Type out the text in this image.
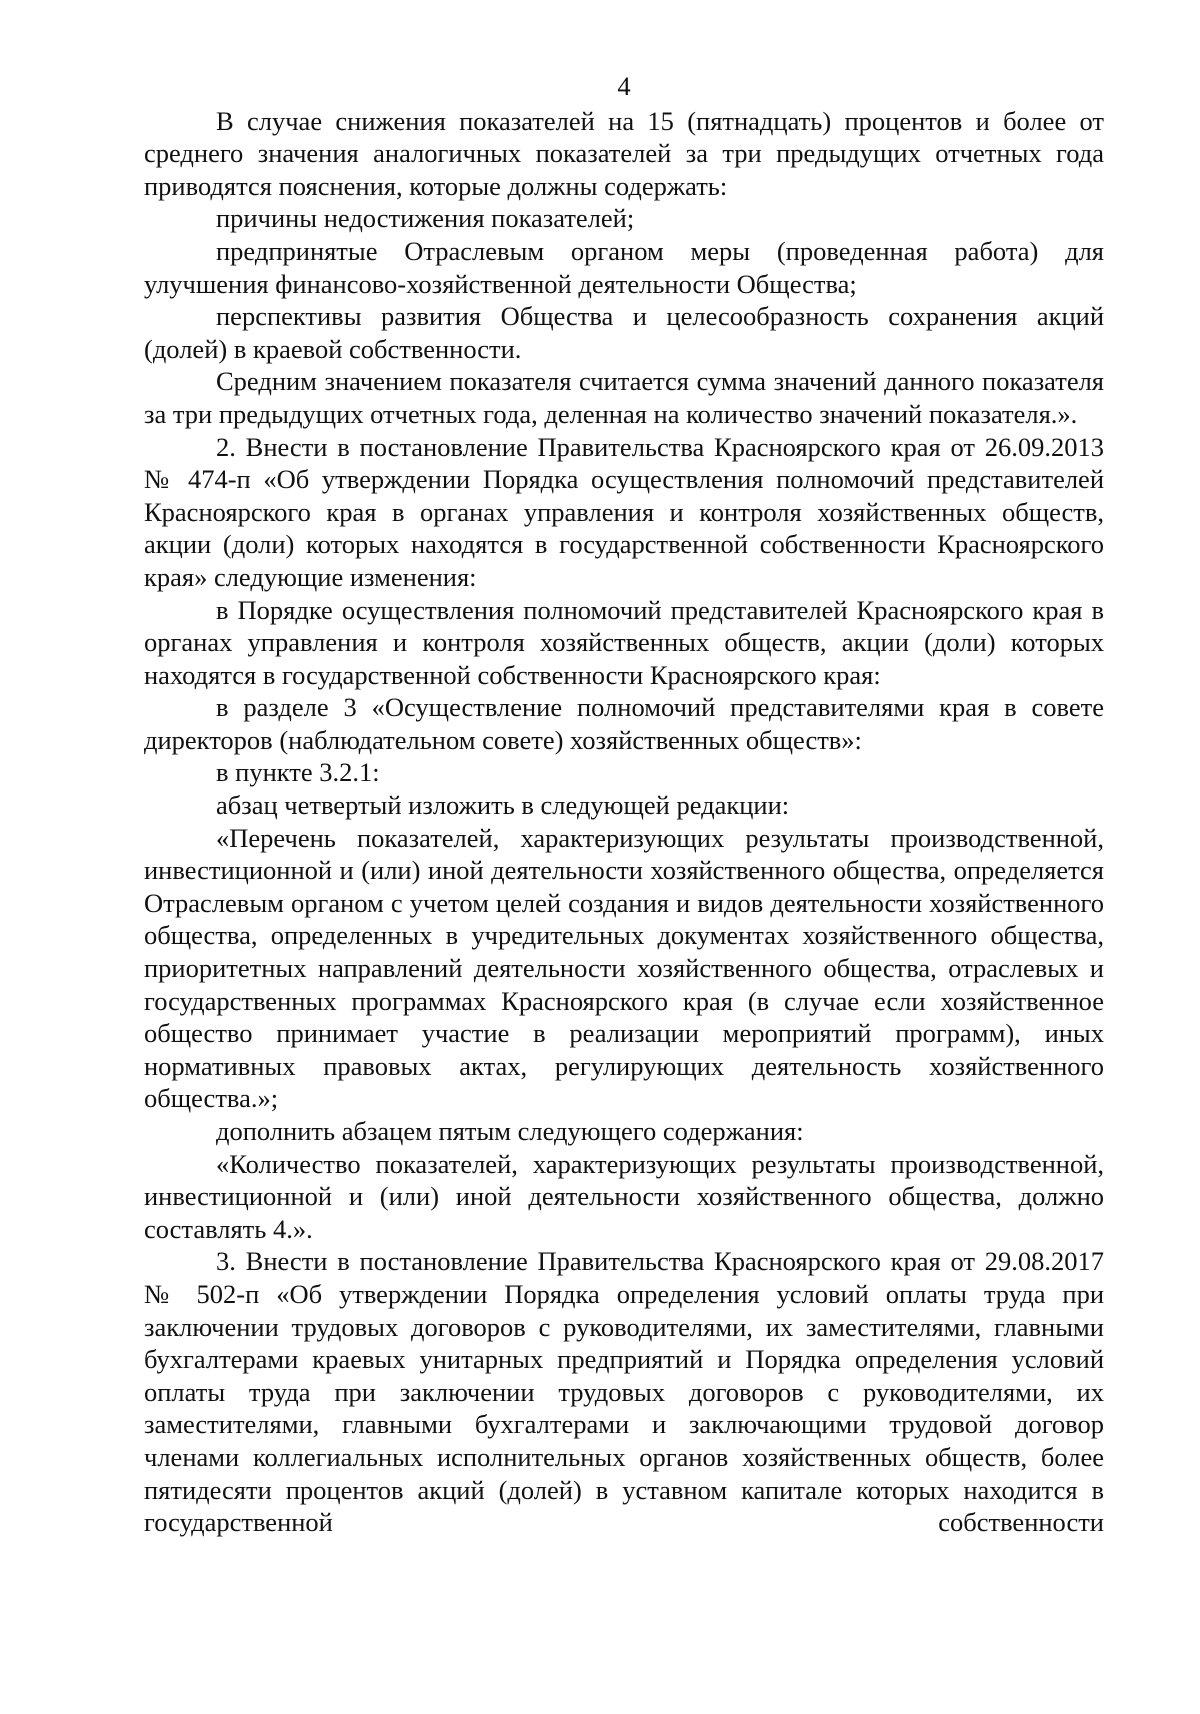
4

В случае снижения показателей на 15 (пятнадцать) процентов и более от среднего значения аналогичных показателей за три предыдущих отчетных года приводятся пояснения, которые должны содержать:

причины недостижения показателей;

предпринятые Отраслевым органом меры (проведенная работа) для улучшения финансово-хозяйственной деятельности Общества;

перспективы развития Общества и целесообразность сохранения акций (долей) в краевой собственности.

Средним значением показателя считается сумма значений данного показателя за три предыдущих отчетных года, деленная на количество значений показателя.».

2. Внести в постановление Правительства Красноярского края от 26.09.2013 № 474-п «Об утверждении Порядка осуществления полномочий представителей Красноярского края в органах управления и контроля хозяйственных обществ, акции (доли) которых находятся в государственной собственности Красноярского края» следующие изменения:

в Порядке осуществления полномочий представителей Красноярского края в органах управления и контроля хозяйственных обществ, акции (доли) которых находятся в государственной собственности Красноярского края:

в разделе 3 «Осуществление полномочий представителями края в совете директоров (наблюдательном совете) хозяйственных обществ»:

в пункте 3.2.1:

абзац четвертый изложить в следующей редакции:

«Перечень показателей, характеризующих результаты производственной, инвестиционной и (или) иной деятельности хозяйственного общества, определяется Отраслевым органом с учетом целей создания и видов деятельности хозяйственного общества, определенных в учредительных документах хозяйственного общества, приоритетных направлений деятельности хозяйственного общества, отраслевых и государственных программах Красноярского края (в случае если хозяйственное общество принимает участие в реализации мероприятий программ), иных нормативных правовых актах, регулирующих деятельность хозяйственного общества.»;

дополнить абзацем пятым следующего содержания:

«Количество показателей, характеризующих результаты производственной, инвестиционной и (или) иной деятельности хозяйственного общества, должно составлять 4.».

3. Внести в постановление Правительства Красноярского края от 29.08.2017 № 502-п «Об утверждении Порядка определения условий оплаты труда при заключении трудовых договоров с руководителями, их заместителями, главными бухгалтерами краевых унитарных предприятий и Порядка определения условий оплаты труда при заключении трудовых договоров с руководителями, их заместителями, главными бухгалтерами и заключающими трудовой договор членами коллегиальных исполнительных органов хозяйственных обществ, более пятидесяти процентов акций (долей) в уставном капитале которых находится в государственной собственности
